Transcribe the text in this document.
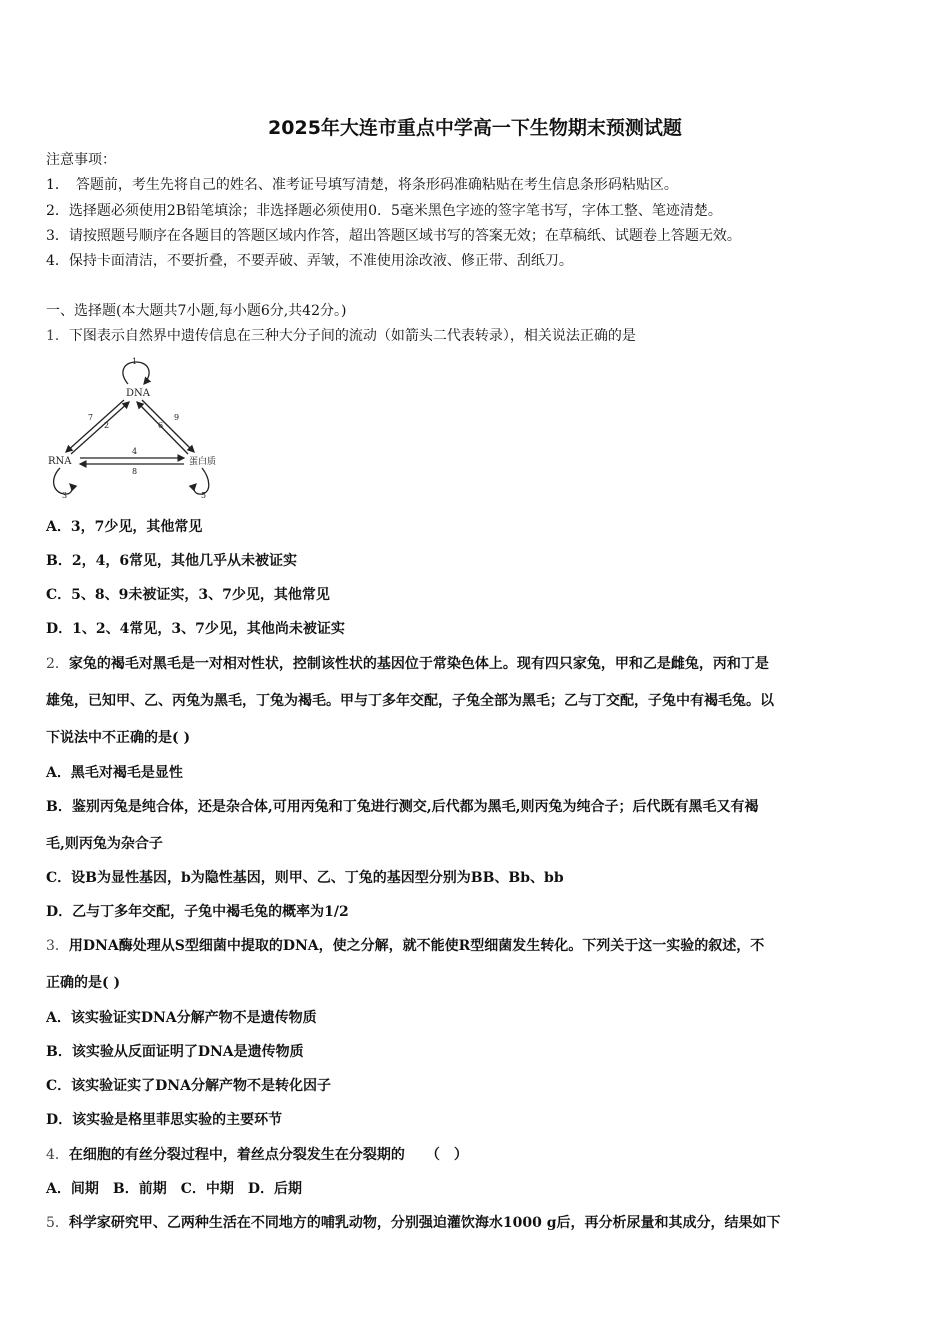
2025年大连市重点中学高一下生物期末预测试题
注意事项：
1．　答题前，考生先将自己的姓名、准考证号填写清楚，将条形码准确粘贴在考生信息条形码粘贴区。
2．选择题必须使用2B铅笔填涂；非选择题必须使用0．5毫米黑色字迹的签字笔书写，字体工整、笔迹清楚。
3．请按照题号顺序在各题目的答题区域内作答，超出答题区域书写的答案无效；在草稿纸、试题卷上答题无效。
4．保持卡面清洁，不要折叠，不要弄破、弄皱，不准使用涂改液、修正带、刮纸刀。
一、选择题(本大题共7小题,每小题6分,共42分。)
1．下图表示自然界中遗传信息在三种大分子间的流动（如箭头二代表转录），相关说法正确的是
DNA
RNA	蛋白质
1
2
3
4
5
6
7
8
9
A．3，7少见，其他常见
B．2，4，6常见，其他几乎从未被证实
C．5、8、9未被证实，3、7少见，其他常见
D．1、2、4常见，3、7少见，其他尚未被证实
2．家兔的褐毛对黑毛是一对相对性状，控制该性状的基因位于常染色体上。现有四只家兔，甲和乙是雌兔，丙和丁是
雄兔，已知甲、乙、丙兔为黑毛，丁兔为褐毛。甲与丁多年交配，子兔全部为黑毛；乙与丁交配，子兔中有褐毛兔。以
下说法中不正确的是( )
A．黑毛对褐毛是显性
B．鉴别丙兔是纯合体，还是杂合体,可用丙兔和丁兔进行测交,后代都为黑毛,则丙兔为纯合子；后代既有黑毛又有褐
毛,则丙兔为杂合子
C．设B为显性基因，b为隐性基因，则甲、乙、丁兔的基因型分别为BB、Bb、bb
D．乙与丁多年交配，子兔中褐毛兔的概率为1/2
3．用DNA酶处理从S型细菌中提取的DNA，使之分解，就不能使R型细菌发生转化。下列关于这一实验的叙述，不
正确的是( )
A．该实验证实DNA分解产物不是遗传物质
B．该实验从反面证明了DNA是遗传物质
C．该实验证实了DNA分解产物不是转化因子
D．该实验是格里菲思实验的主要环节
4．在细胞的有丝分裂过程中，着丝点分裂发生在分裂期的　　（　）
A．间期　B．前期　C．中期　D．后期
5．科学家研究甲、乙两种生活在不同地方的哺乳动物，分别强迫灌饮海水1000 g后，再分析尿量和其成分，结果如下
